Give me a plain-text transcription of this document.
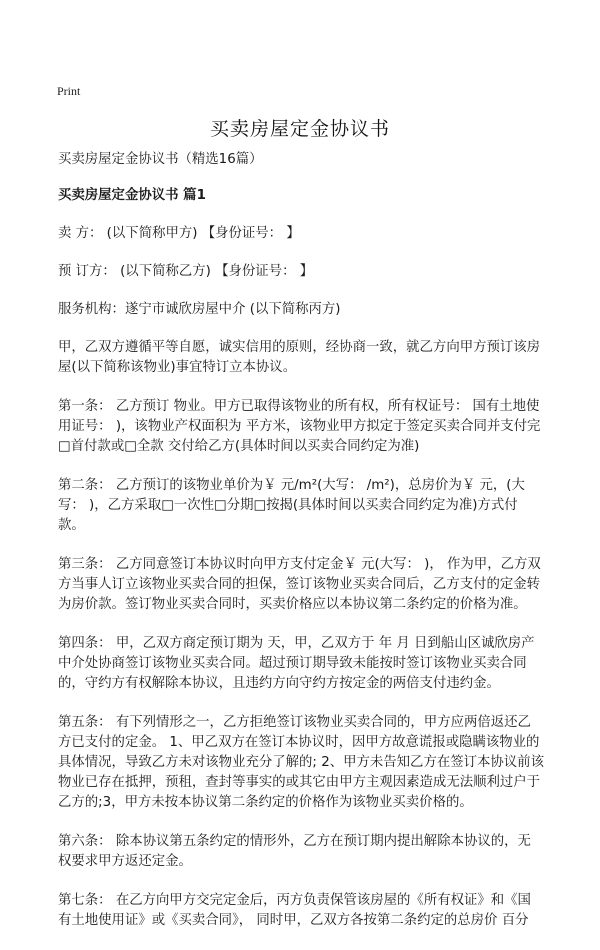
Print
买卖房屋定金协议书

买卖房屋定金协议书（精选16篇）

买卖房屋定金协议书 篇1

卖 方： (以下简称甲方) 【身份证号： 】

预 订方： (以下简称乙方) 【身份证号： 】

服务机构：遂宁市诚欣房屋中介 (以下简称丙方)

甲，乙双方遵循平等自愿，诚实信用的原则，经协商一致，就乙方向甲方预订该房屋(以下简称该物业)事宜特订立本协议。

第一条： 乙方预订 物业。甲方已取得该物业的所有权，所有权证号： 国有土地使用证号： )，该物业产权面积为 平方米，该物业甲方拟定于签定买卖合同并支付完□首付款或□全款 交付给乙方(具体时间以买卖合同约定为准)

第二条： 乙方预订的该物业单价为￥ 元/m²(大写： /m²)，总房价为￥ 元，(大写： )，乙方采取□一次性□分期□按揭(具体时间以买卖合同约定为准)方式付款。

第三条： 乙方同意签订本协议时向甲方支付定金￥ 元(大写： )， 作为甲，乙方双方当事人订立该物业买卖合同的担保，签订该物业买卖合同后，乙方支付的定金转为房价款。签订物业买卖合同时，买卖价格应以本协议第二条约定的价格为准。

第四条： 甲，乙双方商定预订期为 天，甲，乙双方于 年 月 日到船山区诚欣房产中介处协商签订该物业买卖合同。超过预订期导致未能按时签订该物业买卖合同的，守约方有权解除本协议，且违约方向守约方按定金的两倍支付违约金。

第五条： 有下列情形之一，乙方拒绝签订该物业买卖合同的，甲方应两倍返还乙方已支付的定金。 1、甲乙双方在签订本协议时，因甲方故意谎报或隐瞒该物业的具体情况，导致乙方未对该物业充分了解的; 2、甲方未告知乙方在签订本协议前该物业已存在抵押，预租，查封等事实的或其它由甲方主观因素造成无法顺利过户于乙方的;3，甲方未按本协议第二条约定的价格作为该物业买卖价格的。

第六条： 除本协议第五条约定的情形外，乙方在预订期内提出解除本协议的，无权要求甲方返还定金。

第七条： 在乙方向甲方交完定金后，丙方负责保管该房屋的《所有权证》和《国有土地使用证》或《买卖合同》， 同时甲，乙双方各按第二条约定的总房价 百分
